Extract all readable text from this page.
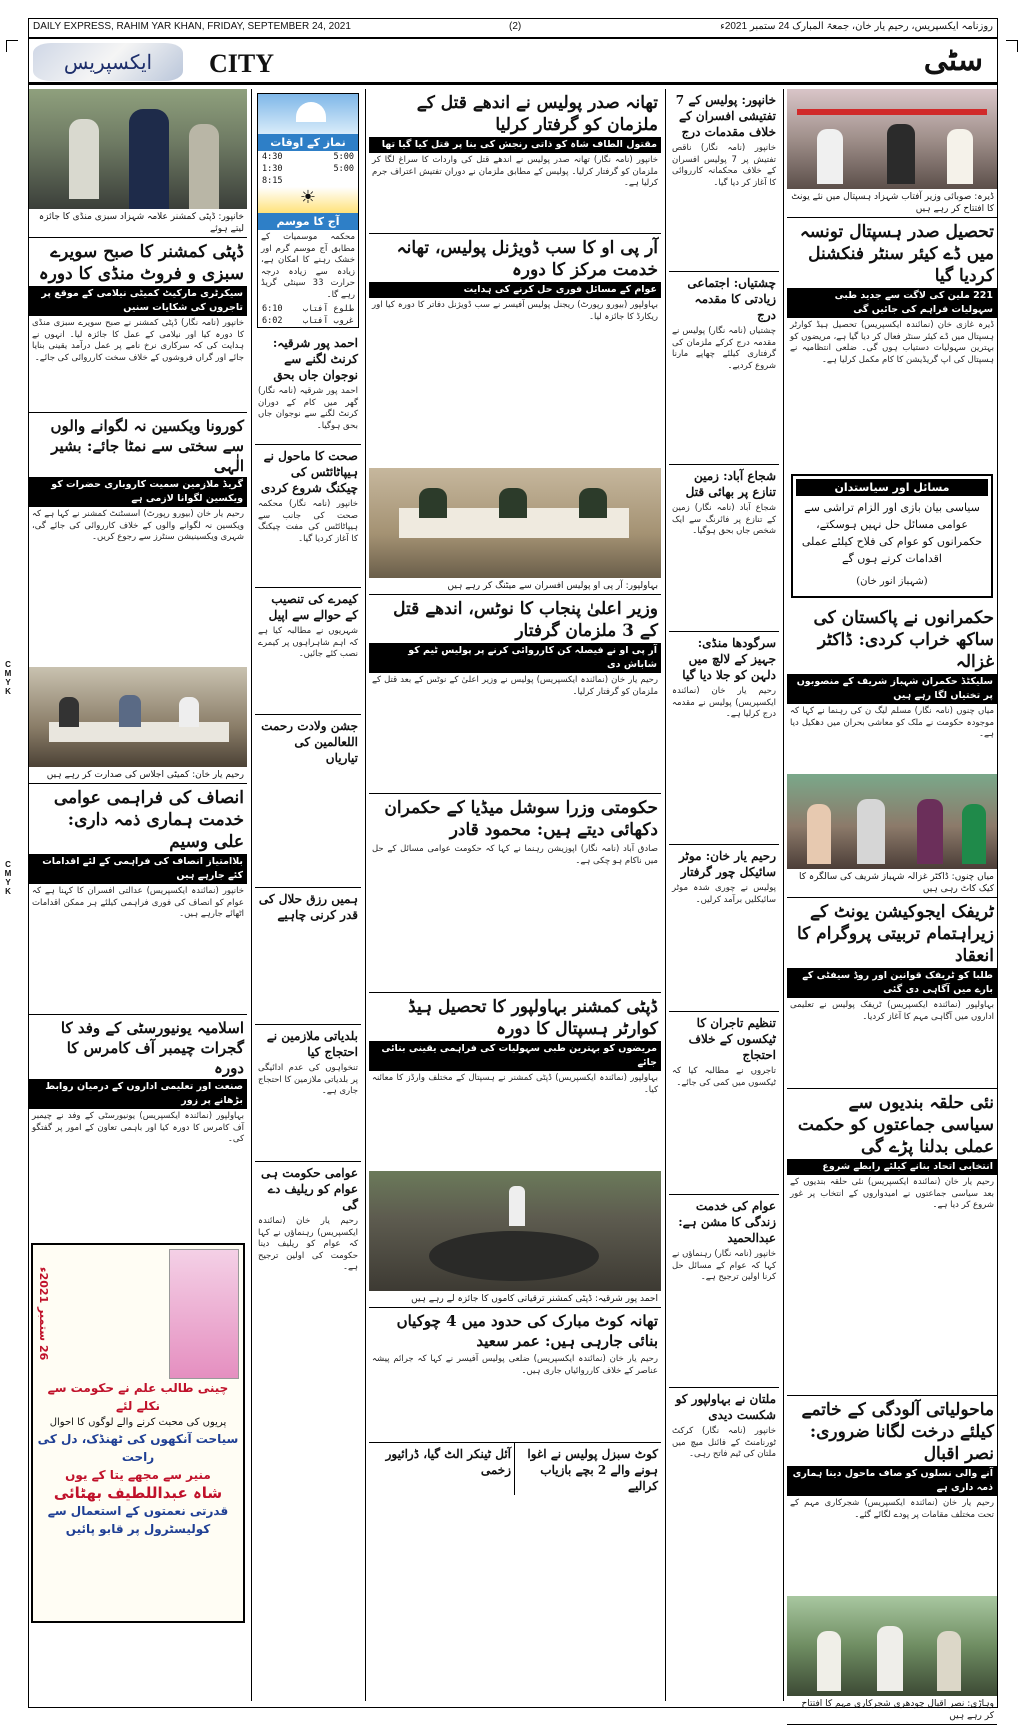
C
M
Y
K
C
M
Y
K
DAILY EXPRESS, RAHIM YAR KHAN, FRIDAY, SEPTEMBER 24, 2021	(2)	روزنامہ ایکسپریس، رحیم یار خان، جمعۃ المبارک 24 ستمبر 2021ء
ایکسپریس	CITY	سٹی
خانپور: ڈپٹی کمشنر علامہ شہزاد سبزی منڈی کا جائزہ لیتے ہوئے
ڈپٹی کمشنر کا صبح سویرے سبزی و فروٹ منڈی کا دورہ
سیکرٹری مارکیٹ کمیٹی نیلامی کے موقع پر تاجروں کی شکایات سنیں
خانپور (نامہ نگار) ڈپٹی کمشنر نے صبح سویرے سبزی منڈی کا دورہ کیا اور نیلامی کے عمل کا جائزہ لیا۔ انہوں نے ہدایت کی کہ سرکاری نرخ نامے پر عمل درآمد یقینی بنایا جائے اور گراں فروشوں کے خلاف سخت کارروائی کی جائے۔
کورونا ویکسین نہ لگوانے والوں سے سختی سے نمٹا جائے: بشیر الٰہی
گریڈ ملازمین سمیت کاروباری حضرات کو ویکسین لگوانا لازمی ہے
رحیم یار خان (بیورو رپورٹ) اسسٹنٹ کمشنر نے کہا ہے کہ ویکسین نہ لگوانے والوں کے خلاف کارروائی کی جائے گی، شہری ویکسینیشن سنٹرز سے رجوع کریں۔
رحیم یار خان: کمیٹی اجلاس کی صدارت کر رہے ہیں
انصاف کی فراہمی عوامی خدمت ہماری ذمہ داری: علی وسیم
بلاامتیاز انصاف کی فراہمی کے لئے اقدامات کئے جارہے ہیں
خانپور (نمائندہ ایکسپریس) عدالتی افسران کا کہنا ہے کہ عوام کو انصاف کی فوری فراہمی کیلئے ہر ممکن اقدامات اٹھائے جارہے ہیں۔
اسلامیہ یونیورسٹی کے وفد کا گجرات چیمبر آف کامرس کا دورہ
صنعت اور تعلیمی اداروں کے درمیان روابط بڑھانے پر زور
بہاولپور (نمائندہ ایکسپریس) یونیورسٹی کے وفد نے چیمبر آف کامرس کا دورہ کیا اور باہمی تعاون کے امور پر گفتگو کی۔
26 ستمبر 2021ء
چینی طالب علم نے حکومت سے نکلے لئے
پریوں کی محبت کرنے والے لوگوں کا احوال
سیاحت آنکھوں کی ٹھنڈک، دل کی راحت
منیر سے مجھے یتا کے یوں
شاہ عبداللطیف بھٹائی
قدرتی نعمتوں کے استعمال سے کولیسٹرول پر قابو پائیں
نماز کے اوقات
4:30	5:00
1:30	5:00
8:15
☀
آج کا موسم
محکمہ موسمیات کے مطابق آج موسم گرم اور خشک رہنے کا امکان ہے، زیادہ سے زیادہ درجہ حرارت 33 سینٹی گریڈ رہے گا۔
6:10 طلوع آفتاب
6:02 غروب آفتاب
احمد پور شرقیہ: کرنٹ لگنے سے نوجوان جاں بحق
احمد پور شرقیہ (نامہ نگار) گھر میں کام کے دوران کرنٹ لگنے سے نوجوان جاں بحق ہوگیا۔
صحت کا ماحول نے ہیپاٹائٹس کی چیکنگ شروع کردی
خانپور (نامہ نگار) محکمہ صحت کی جانب سے ہیپاٹائٹس کی مفت چیکنگ کا آغاز کردیا گیا۔
کیمرے کی تنصیب کے حوالے سے اپیل
شہریوں نے مطالبہ کیا ہے کہ اہم شاہراہوں پر کیمرے نصب کئے جائیں۔
جشن ولادت رحمت اللعالمین کی تیاریاں
ہمیں رزق حلال کی قدر کرنی چاہیے
بلدیاتی ملازمین نے احتجاج کیا
تنخواہوں کی عدم ادائیگی پر بلدیاتی ملازمین کا احتجاج جاری ہے۔
عوامی حکومت ہی عوام کو ریلیف دے گی
رحیم یار خان (نمائندہ ایکسپریس) رہنماؤں نے کہا کہ عوام کو ریلیف دینا حکومت کی اولین ترجیح ہے۔
تھانہ صدر پولیس نے اندھے قتل کے ملزمان کو گرفتار کرلیا
مقتول الطاف شاہ کو ذاتی رنجش کی بنا پر قتل کیا گیا تھا
خانپور (نامہ نگار) تھانہ صدر پولیس نے اندھے قتل کی واردات کا سراغ لگا کر ملزمان کو گرفتار کرلیا۔ پولیس کے مطابق ملزمان نے دوران تفتیش اعتراف جرم کرلیا ہے۔
آر پی او کا سب ڈویژنل پولیس، تھانہ خدمت مرکز کا دورہ
عوام کے مسائل فوری حل کرنے کی ہدایت
بہاولپور (بیورو رپورٹ) ریجنل پولیس آفیسر نے سب ڈویژنل دفاتر کا دورہ کیا اور ریکارڈ کا جائزہ لیا۔
بہاولپور: آر پی او پولیس افسران سے میٹنگ کر رہے ہیں
وزیر اعلیٰ پنجاب کا نوٹس، اندھے قتل کے 3 ملزمان گرفتار
آر پی او نے فیصلہ کن کارروائی کرنے پر پولیس ٹیم کو شاباش دی
رحیم یار خان (نمائندہ ایکسپریس) پولیس نے وزیر اعلیٰ کے نوٹس کے بعد قتل کے ملزمان کو گرفتار کرلیا۔
حکومتی وزرا سوشل میڈیا کے حکمران دکھائی دیتے ہیں: محمود قادر
صادق آباد (نامہ نگار) اپوزیشن رہنما نے کہا کہ حکومت عوامی مسائل کے حل میں ناکام ہو چکی ہے۔
ڈپٹی کمشنر بہاولپور کا تحصیل ہیڈ کوارٹر ہسپتال کا دورہ
مریضوں کو بہترین طبی سہولیات کی فراہمی یقینی بنائی جائے
بہاولپور (نمائندہ ایکسپریس) ڈپٹی کمشنر نے ہسپتال کے مختلف وارڈز کا معائنہ کیا۔
احمد پور شرقیہ: ڈپٹی کمشنر ترقیاتی کاموں کا جائزہ لے رہے ہیں
تھانہ کوٹ مبارک کی حدود میں 4 چوکیاں بنائی جارہی ہیں: عمر سعید
رحیم یار خان (نمائندہ ایکسپریس) ضلعی پولیس آفیسر نے کہا کہ جرائم پیشہ عناصر کے خلاف کارروائیاں جاری ہیں۔
آئل ٹینکر الٹ گیا، ڈرائیور زخمی
کوٹ سبزل پولیس نے اغوا ہونے والے 2 بچے بازیاب کرالیے
خانپور: پولیس کے 7 تفتیشی افسران کے خلاف مقدمات درج
خانپور (نامہ نگار) ناقص تفتیش پر 7 پولیس افسران کے خلاف محکمانہ کارروائی کا آغاز کر دیا گیا۔
چشتیاں: اجتماعی زیادتی کا مقدمہ درج
چشتیاں (نامہ نگار) پولیس نے مقدمہ درج کرکے ملزمان کی گرفتاری کیلئے چھاپے مارنا شروع کردیے۔
شجاع آباد: زمین تنازع پر بھائی قتل
شجاع آباد (نامہ نگار) زمین کے تنازع پر فائرنگ سے ایک شخص جاں بحق ہوگیا۔
سرگودھا منڈی: جہیز کے لالچ میں دلہن کو جلا دیا گیا
رحیم یار خان (نمائندہ ایکسپریس) پولیس نے مقدمہ درج کرلیا ہے۔
رحیم یار خان: موٹر سائیکل چور گرفتار
پولیس نے چوری شدہ موٹر سائیکلیں برآمد کرلیں۔
تنظیم تاجران کا ٹیکسوں کے خلاف احتجاج
تاجروں نے مطالبہ کیا کہ ٹیکسوں میں کمی کی جائے۔
عوام کی خدمت زندگی کا مشن ہے: عبدالحمید
خانپور (نامہ نگار) رہنماؤں نے کہا کہ عوام کے مسائل حل کرنا اولین ترجیح ہے۔
ملتان نے بہاولپور کو شکست دیدی
خانپور (نامہ نگار) کرکٹ ٹورنامنٹ کے فائنل میچ میں ملتان کی ٹیم فاتح رہی۔
ڈیرہ: صوبائی وزیر آفتاب شہزاد ہسپتال میں نئے یونٹ کا افتتاح کر رہے ہیں
تحصیل صدر ہسپتال تونسہ میں ڈے کیئر سنٹر فنکشنل کردیا گیا
221 ملین کی لاگت سے جدید طبی سہولیات فراہم کی جائیں گی
ڈیرہ غازی خان (نمائندہ ایکسپریس) تحصیل ہیڈ کوارٹر ہسپتال میں ڈے کیئر سنٹر فعال کر دیا گیا ہے، مریضوں کو بہترین سہولیات دستیاب ہوں گی۔ ضلعی انتظامیہ نے ہسپتال کی اپ گریڈیشن کا کام مکمل کرلیا ہے۔
مسائل اور سیاستدان
سیاسی بیان بازی اور الزام تراشی سے عوامی مسائل حل نہیں ہوسکتے، حکمرانوں کو عوام کی فلاح کیلئے عملی اقدامات کرنے ہوں گے
(شہباز انور خان)
حکمرانوں نے پاکستان کی ساکھ خراب کردی: ڈاکٹر غزالہ
سلیکٹڈ حکمران شہباز شریف کے منصوبوں پر تختیاں لگا رہے ہیں
میاں چنوں (نامہ نگار) مسلم لیگ ن کی رہنما نے کہا کہ موجودہ حکومت نے ملک کو معاشی بحران میں دھکیل دیا ہے۔
میاں چنوں: ڈاکٹر غزالہ شہباز شریف کی سالگرہ کا کیک کاٹ رہی ہیں
ٹریفک ایجوکیشن یونٹ کے زیراہتمام تربیتی پروگرام کا انعقاد
طلبا کو ٹریفک قوانین اور روڈ سیفٹی کے بارے میں آگاہی دی گئی
بہاولپور (نمائندہ ایکسپریس) ٹریفک پولیس نے تعلیمی اداروں میں آگاہی مہم کا آغاز کردیا۔
نئی حلقہ بندیوں سے سیاسی جماعتوں کو حکمت عملی بدلنا پڑے گی
انتخابی اتحاد بنانے کیلئے رابطے شروع
رحیم یار خان (نمائندہ ایکسپریس) نئی حلقہ بندیوں کے بعد سیاسی جماعتوں نے امیدواروں کے انتخاب پر غور شروع کر دیا ہے۔
ماحولیاتی آلودگی کے خاتمے کیلئے درخت لگانا ضروری: نصر اقبال
آنے والی نسلوں کو صاف ماحول دینا ہماری ذمہ داری ہے
رحیم یار خان (نمائندہ ایکسپریس) شجرکاری مہم کے تحت مختلف مقامات پر پودے لگائے گئے۔
وہاڑی: نصر اقبال چودھری شجرکاری مہم کا افتتاح کر رہے ہیں
